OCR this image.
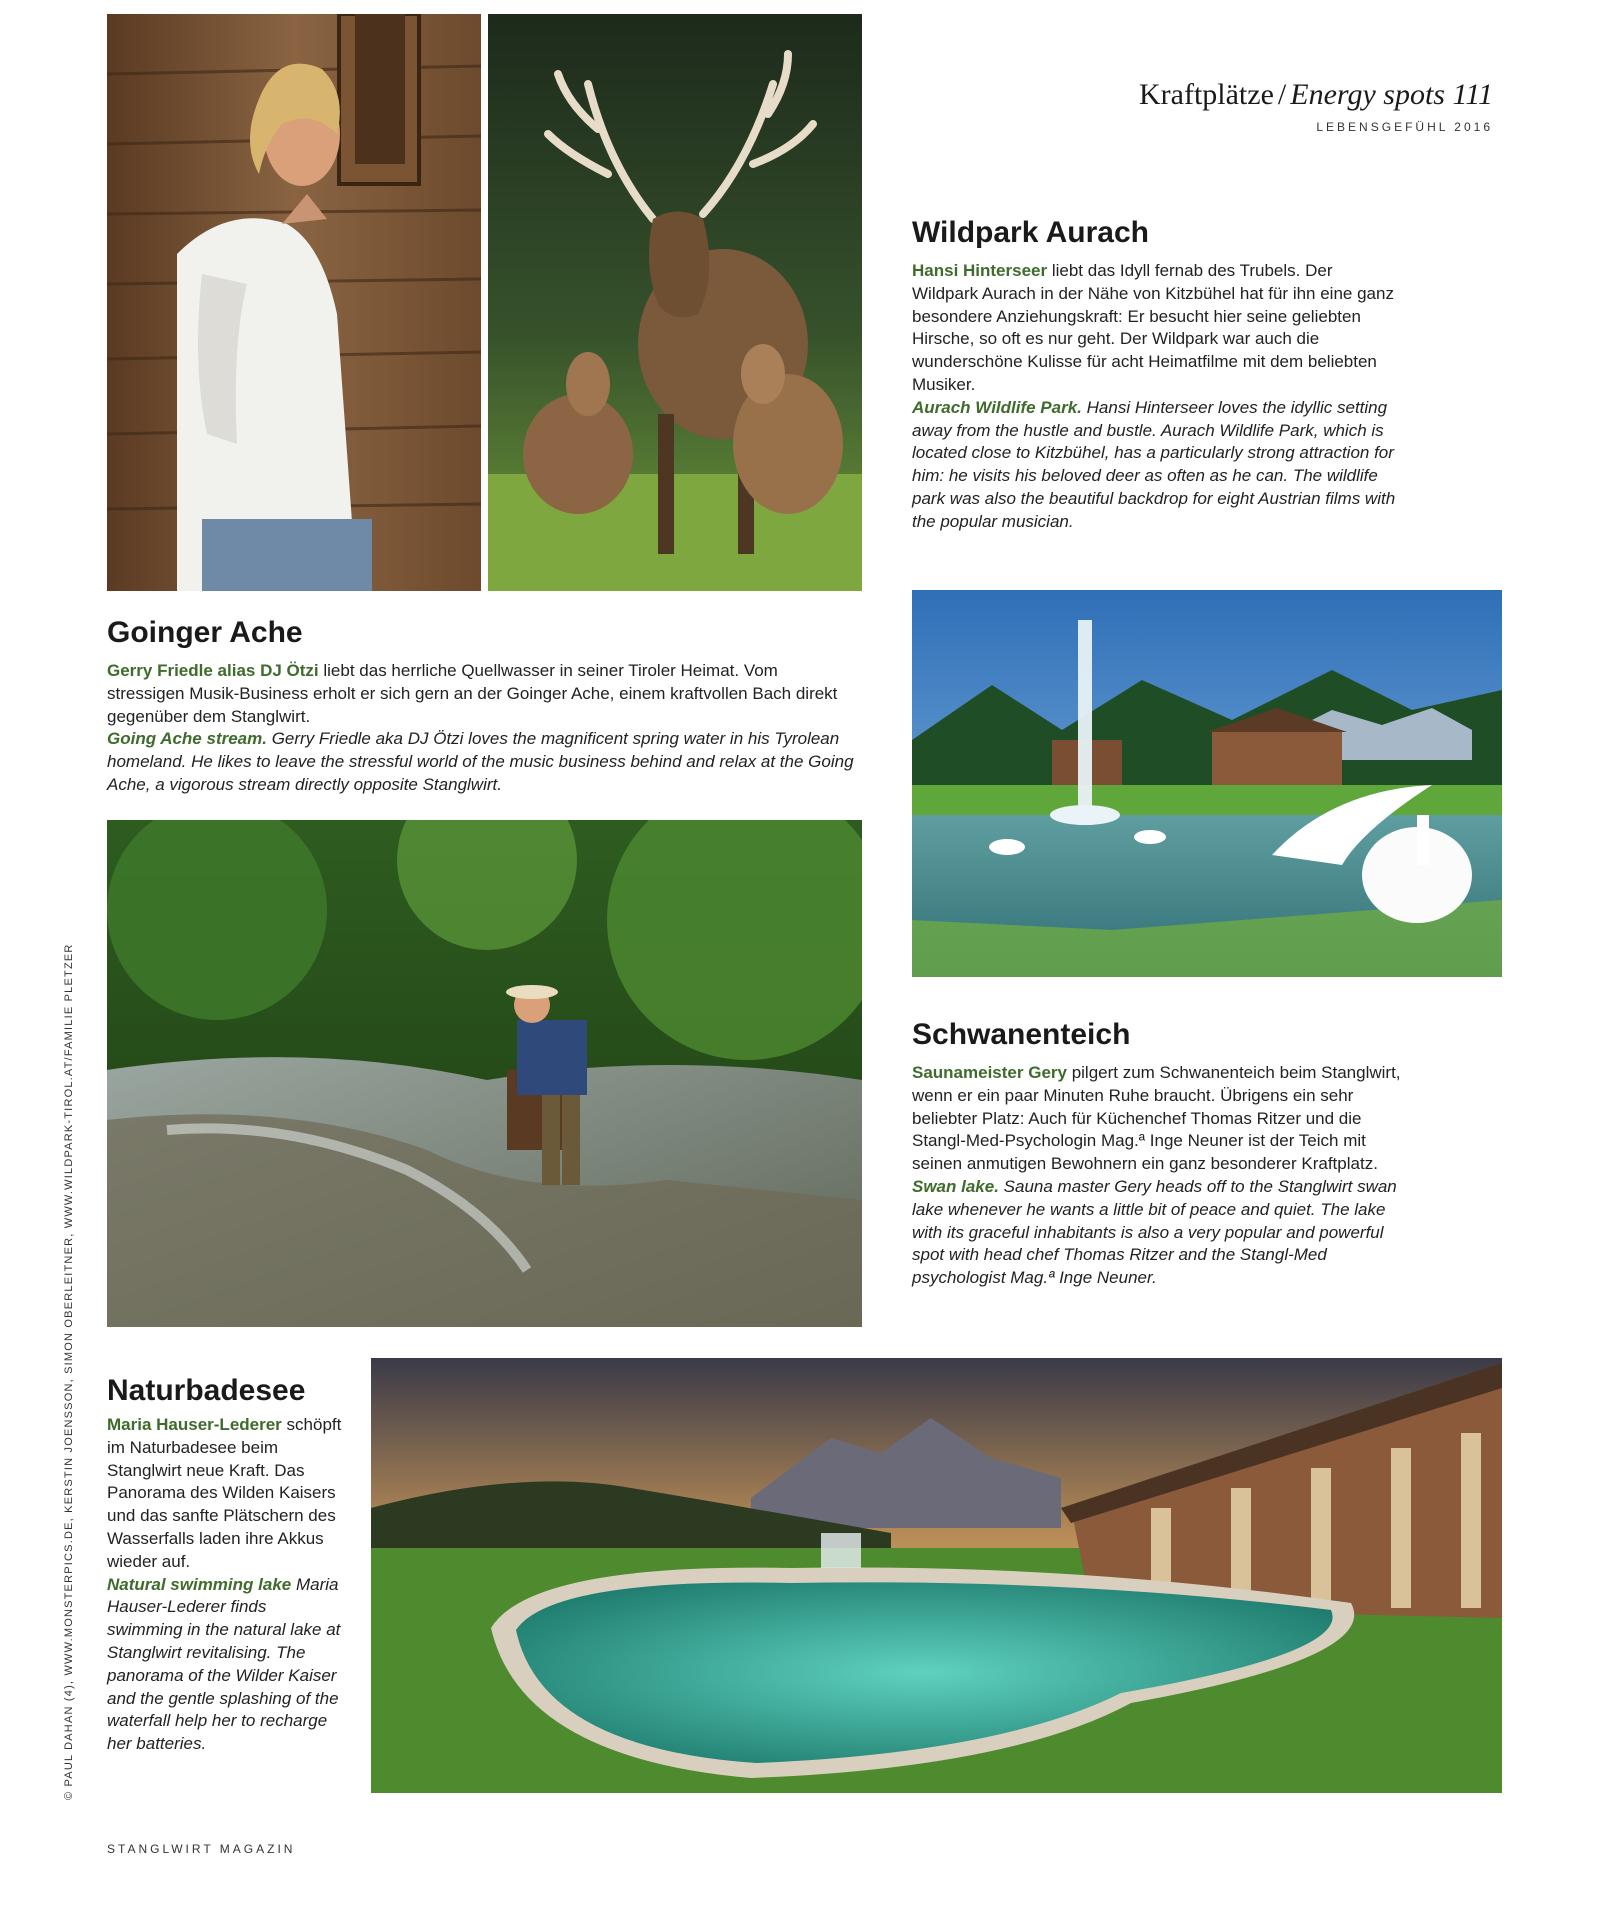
Kraftplätze / Energy spots 111
LEBENSGEFÜHL 2016
Wildpark Aurach

Hansi Hinterseer liebt das Idyll fernab des Trubels. Der Wildpark Aurach in der Nähe von Kitzbühel hat für ihn eine ganz besondere Anziehungskraft: Er besucht hier seine geliebten Hirsche, so oft es nur geht. Der Wildpark war auch die wunderschöne Kulisse für acht Heimatfilme mit dem beliebten Musiker.

Aurach Wildlife Park. Hansi Hinterseer loves the idyllic setting away from the hustle and bustle. Aurach Wildlife Park, which is located close to Kitzbühel, has a particularly strong attraction for him: he visits his beloved deer as often as he can. The wildlife park was also the beautiful backdrop for eight Austrian films with the popular musician.

Goinger Ache

Gerry Friedle alias DJ Ötzi liebt das herrliche Quellwasser in seiner Tiroler Heimat. Vom stressigen Musik-Business erholt er sich gern an der Goinger Ache, einem kraftvollen Bach direkt gegenüber dem Stanglwirt.

Going Ache stream. Gerry Friedle aka DJ Ötzi loves the magnificent spring water in his Tyrolean homeland. He likes to leave the stressful world of the music business behind and relax at the Going Ache, a vigorous stream directly opposite Stanglwirt.

Schwanenteich

Saunameister Gery pilgert zum Schwanenteich beim Stanglwirt, wenn er ein paar Minuten Ruhe braucht. Übrigens ein sehr beliebter Platz: Auch für Küchenchef Thomas Ritzer und die Stangl-Med-Psychologin Mag.ª Inge Neuner ist der Teich mit seinen anmutigen Bewohnern ein ganz besonderer Kraftplatz.

Swan lake. Sauna master Gery heads off to the Stanglwirt swan lake whenever he wants a little bit of peace and quiet. The lake with its graceful inhabitants is also a very popular and powerful spot with head chef Thomas Ritzer and the Stangl-Med psychologist Mag.ª Inge Neuner.

Naturbadesee

Maria Hauser-Lederer schöpft im Naturbadesee beim Stanglwirt neue Kraft. Das Panorama des Wilden Kaisers und das sanfte Plätschern des Wasserfalls laden ihre Akkus wieder auf.

Natural swimming lake Maria Hauser-Lederer finds swimming in the natural lake at Stanglwirt revitalising. The panorama of the Wilder Kaiser and the gentle splashing of the waterfall help her to recharge her batteries.

© PAUL DAHAN (4), WWW.MONSTERPICS.DE, KERSTIN JOENSSON, SIMON OBERLEITNER, WWW.WILDPARK-TIROL.AT/FAMILIE PLETZER
STANGLWIRT MAGAZIN
